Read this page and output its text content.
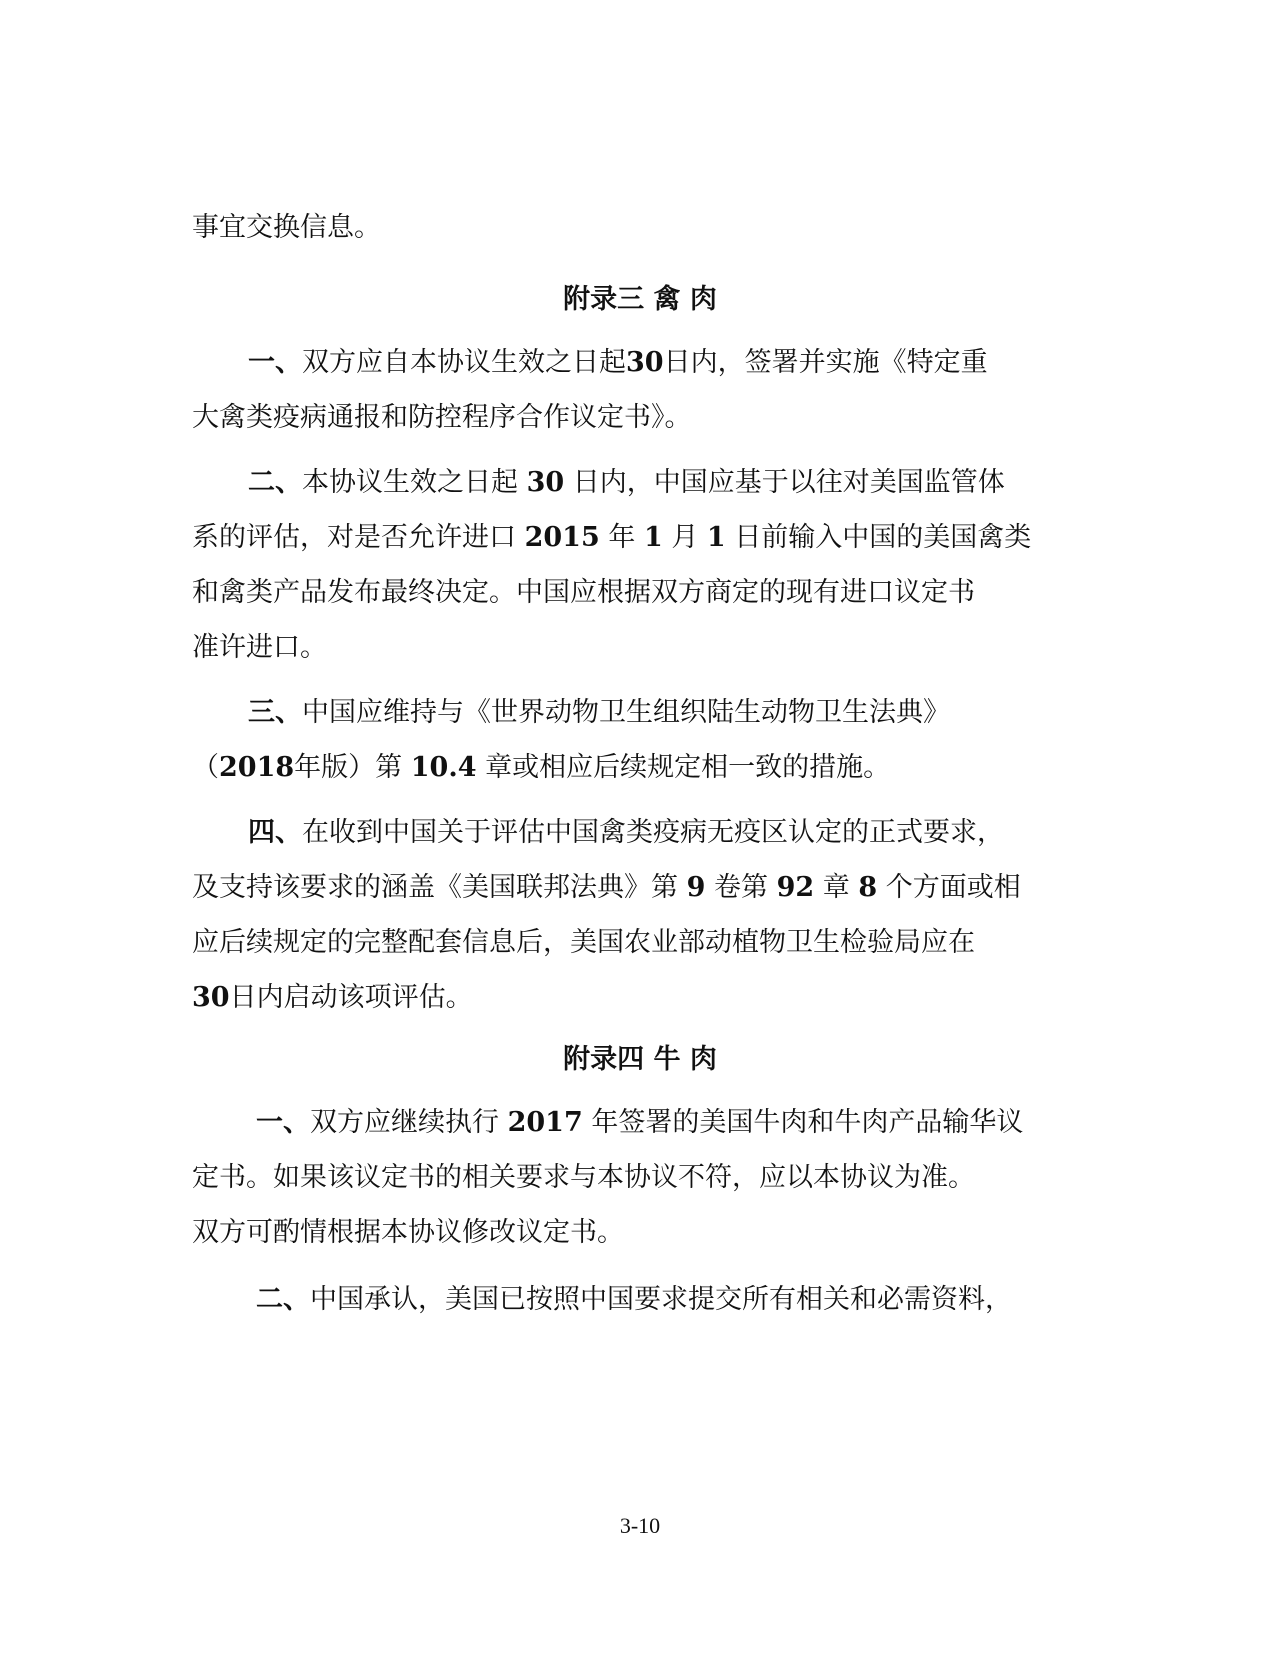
事宜交换信息。
附录三 禽 肉
一、双方应自本协议生效之日起30日内，签署并实施《特定重
大禽类疫病通报和防控程序合作议定书》。
二、本协议生效之日起 30 日内，中国应基于以往对美国监管体
系的评估，对是否允许进口 2015 年 1 月 1 日前输入中国的美国禽类
和禽类产品发布最终决定。中国应根据双方商定的现有进口议定书
准许进口。
三、中国应维持与《世界动物卫生组织陆生动物卫生法典》
（2018年版）第 10.4 章或相应后续规定相一致的措施。
四、在收到中国关于评估中国禽类疫病无疫区认定的正式要求，
及支持该要求的涵盖《美国联邦法典》第 9 卷第 92 章 8 个方面或相
应后续规定的完整配套信息后，美国农业部动植物卫生检验局应在
30日内启动该项评估。
附录四 牛 肉
一、双方应继续执行 2017 年签署的美国牛肉和牛肉产品输华议
定书。如果该议定书的相关要求与本协议不符，应以本协议为准。
双方可酌情根据本协议修改议定书。
二、中国承认，美国已按照中国要求提交所有相关和必需资料，
3-10
